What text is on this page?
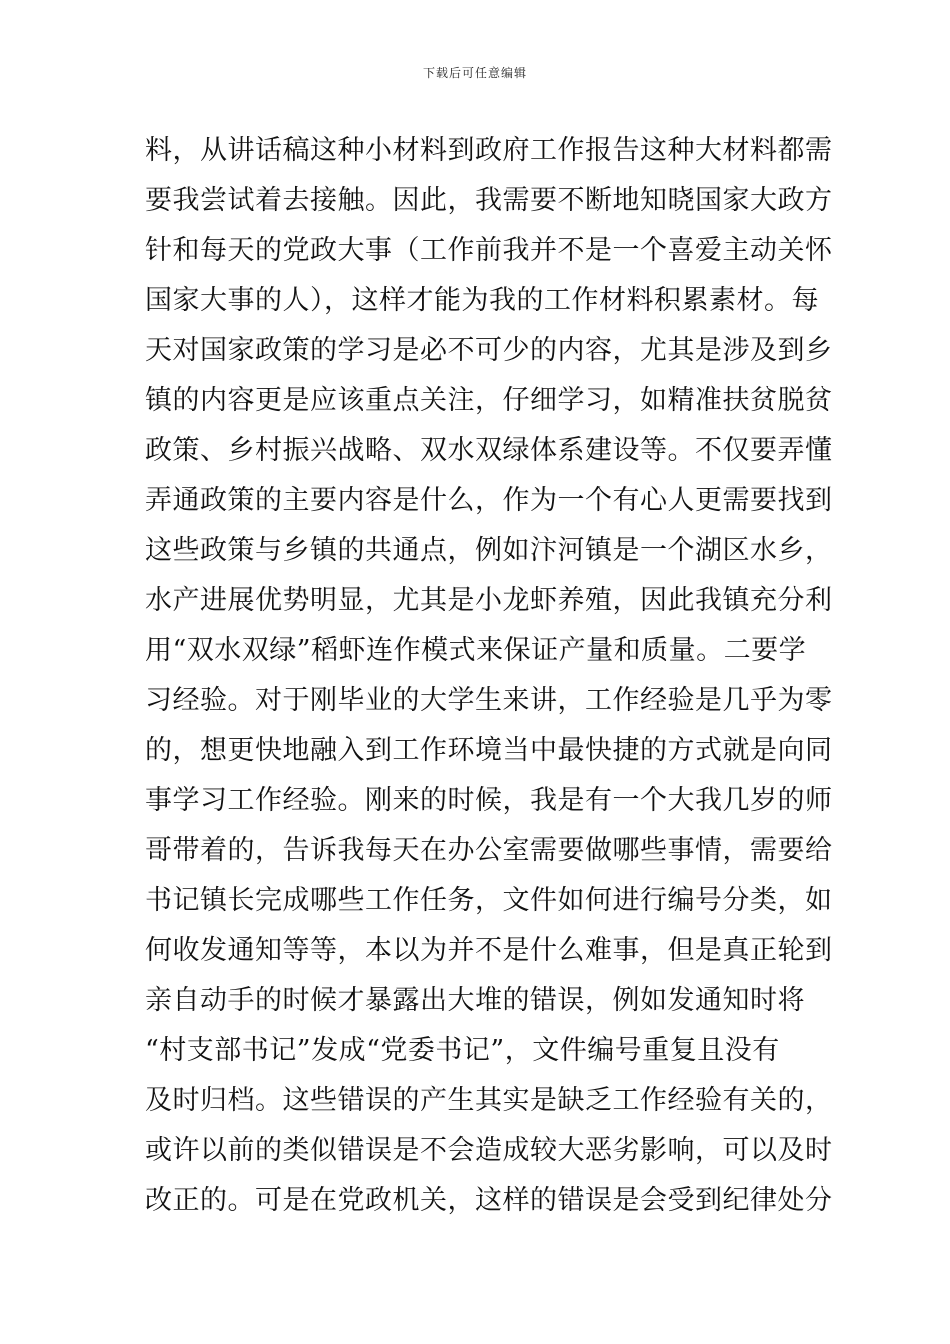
下载后可任意编辑
料，从讲话稿这种小材料到政府工作报告这种大材料都需
要我尝试着去接触。因此，我需要不断地知晓国家大政方
针和每天的党政大事（工作前我并不是一个喜爱主动关怀
国家大事的人），这样才能为我的工作材料积累素材。每
天对国家政策的学习是必不可少的内容，尤其是涉及到乡
镇的内容更是应该重点关注，仔细学习，如精准扶贫脱贫
政策、乡村振兴战略、双水双绿体系建设等。不仅要弄懂
弄通政策的主要内容是什么，作为一个有心人更需要找到
这些政策与乡镇的共通点，例如汴河镇是一个湖区水乡，
水产进展优势明显，尤其是小龙虾养殖，因此我镇充分利
用“双水双绿”稻虾连作模式来保证产量和质量。二要学
习经验。对于刚毕业的大学生来讲，工作经验是几乎为零
的，想更快地融入到工作环境当中最快捷的方式就是向同
事学习工作经验。刚来的时候，我是有一个大我几岁的师
哥带着的，告诉我每天在办公室需要做哪些事情，需要给
书记镇长完成哪些工作任务，文件如何进行编号分类，如
何收发通知等等，本以为并不是什么难事，但是真正轮到
亲自动手的时候才暴露出大堆的错误，例如发通知时将
“村支部书记”发成“党委书记”，文件编号重复且没有
及时归档。这些错误的产生其实是缺乏工作经验有关的，
或许以前的类似错误是不会造成较大恶劣影响，可以及时
改正的。可是在党政机关，这样的错误是会受到纪律处分
